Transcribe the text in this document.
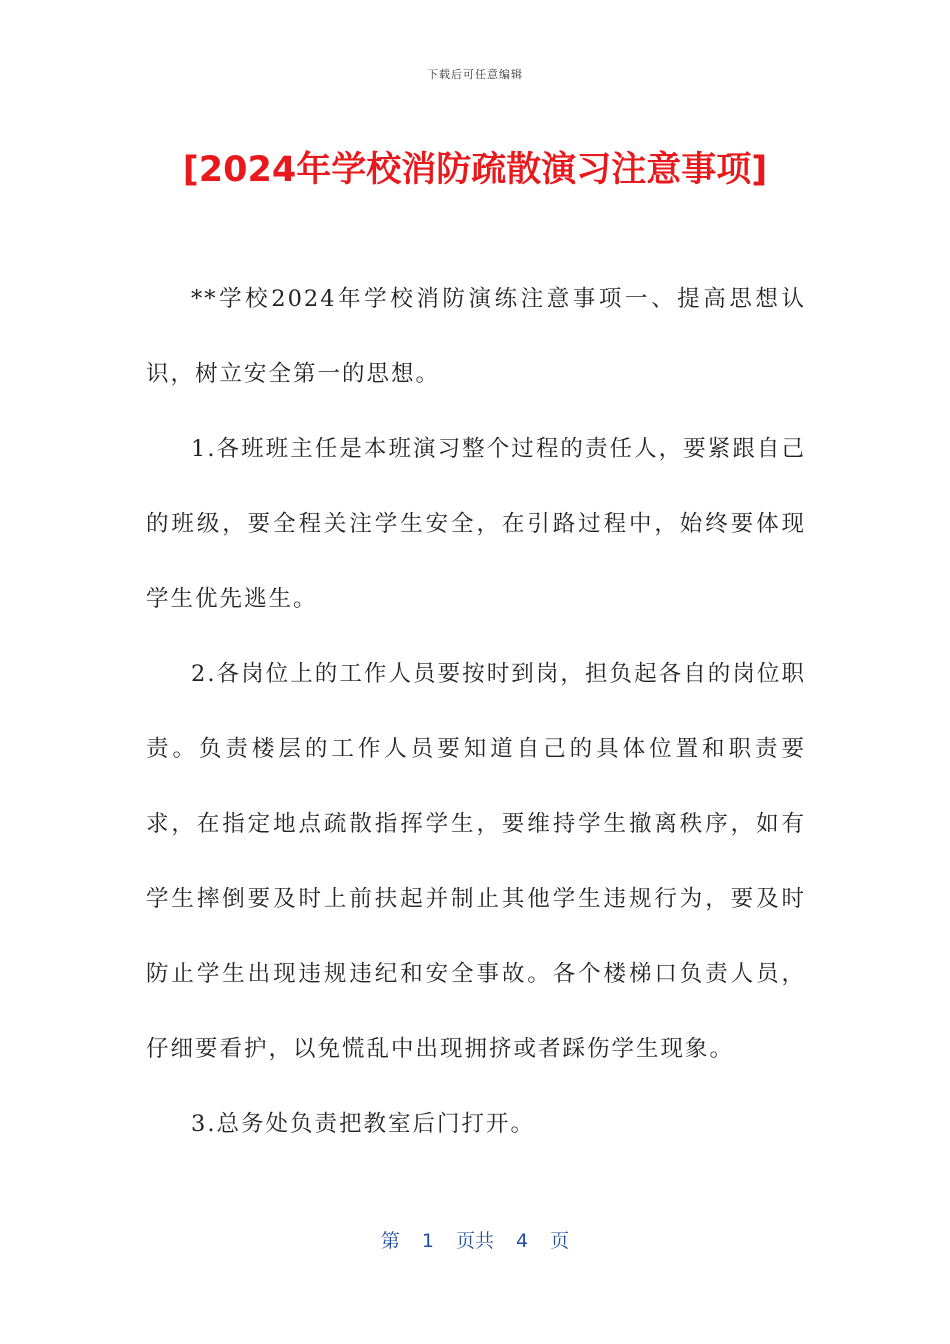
下载后可任意编辑
[2024年学校消防疏散演习注意事项]

**学校2024年学校消防演练注意事项一、提高思想认识，树立安全第一的思想。

1.各班班主任是本班演习整个过程的责任人，要紧跟自己的班级，要全程关注学生安全，在引路过程中，始终要体现学生优先逃生。

2.各岗位上的工作人员要按时到岗，担负起各自的岗位职责。负责楼层的工作人员要知道自己的具体位置和职责要求，在指定地点疏散指挥学生，要维持学生撤离秩序，如有学生摔倒要及时上前扶起并制止其他学生违规行为，要及时防止学生出现违规违纪和安全事故。各个楼梯口负责人员，仔细要看护，以免慌乱中出现拥挤或者踩伤学生现象。

3.总务处负责把教室后门打开。

第 1 页共 4 页
